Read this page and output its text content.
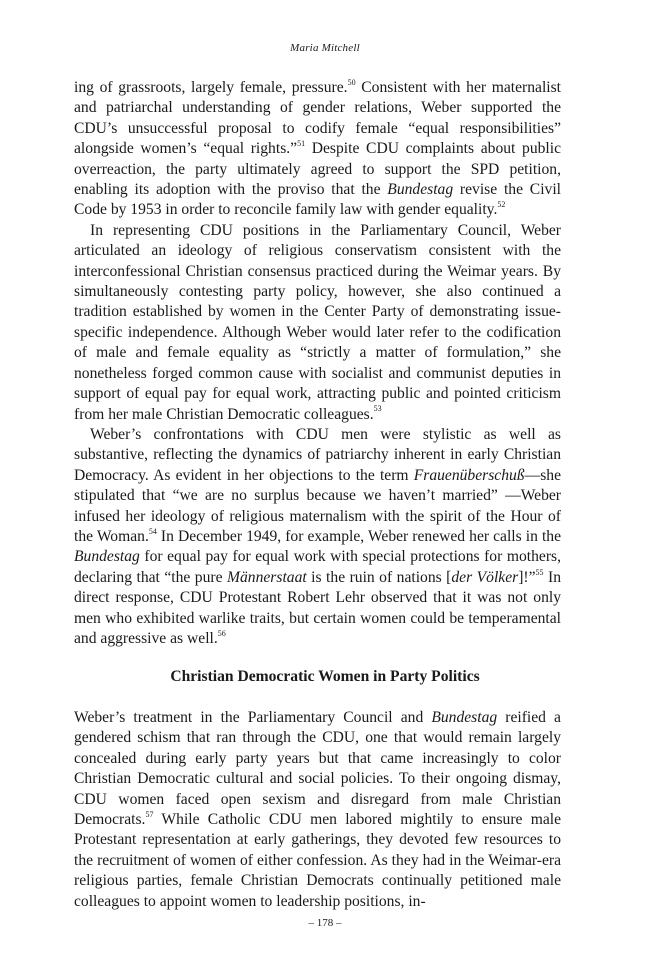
Maria Mitchell

ing of grassroots, largely female, pressure.$^{50}$ Consistent with her maternalist and patriarchal understanding of gender relations, Weber supported the CDU’s unsuccessful proposal to codify female “equal responsibilities” alongside women’s “equal rights.”$^{51}$ Despite CDU complaints about public overreaction, the party ultimately agreed to support the SPD petition, enabling its adoption with the proviso that the Bundestag revise the Civil Code by 1953 in order to reconcile family law with gender equality.$^{52}$

In representing CDU positions in the Parliamentary Council, Weber articulated an ideology of religious conservatism consistent with the interconfessional Christian consensus practiced during the Weimar years. By simultaneously contesting party policy, however, she also continued a tradition established by women in the Center Party of demonstrating issue-specific independence. Although Weber would later refer to the codification of male and female equality as “strictly a matter of formulation,” she nonetheless forged common cause with socialist and communist deputies in support of equal pay for equal work, attracting public and pointed criticism from her male Christian Democratic colleagues.$^{53}$

Weber’s confrontations with CDU men were stylistic as well as substantive, reflecting the dynamics of patriarchy inherent in early Christian Democracy. As evident in her objections to the term Frauenüberschuß—she stipulated that “we are no surplus because we haven’t married” —Weber infused her ideology of religious maternalism with the spirit of the Hour of the Woman.$^{54}$ In December 1949, for example, Weber renewed her calls in the Bundestag for equal pay for equal work with special protections for mothers, declaring that “the pure Männerstaat is the ruin of nations [der Völker]!”$^{55}$ In direct response, CDU Protestant Robert Lehr observed that it was not only men who exhibited warlike traits, but certain women could be temperamental and aggressive as well.$^{56}$

Christian Democratic Women in Party Politics

Weber’s treatment in the Parliamentary Council and Bundestag reified a gendered schism that ran through the CDU, one that would remain largely concealed during early party years but that came increasingly to color Christian Democratic cultural and social policies. To their ongoing dismay, CDU women faced open sexism and disregard from male Christian Democrats.$^{57}$ While Catholic CDU men labored mightily to ensure male Protestant representation at early gatherings, they devoted few resources to the recruitment of women of either confession. As they had in the Weimar-era religious parties, female Christian Democrats continually petitioned male colleagues to appoint women to leadership positions, in-

– 178 –
